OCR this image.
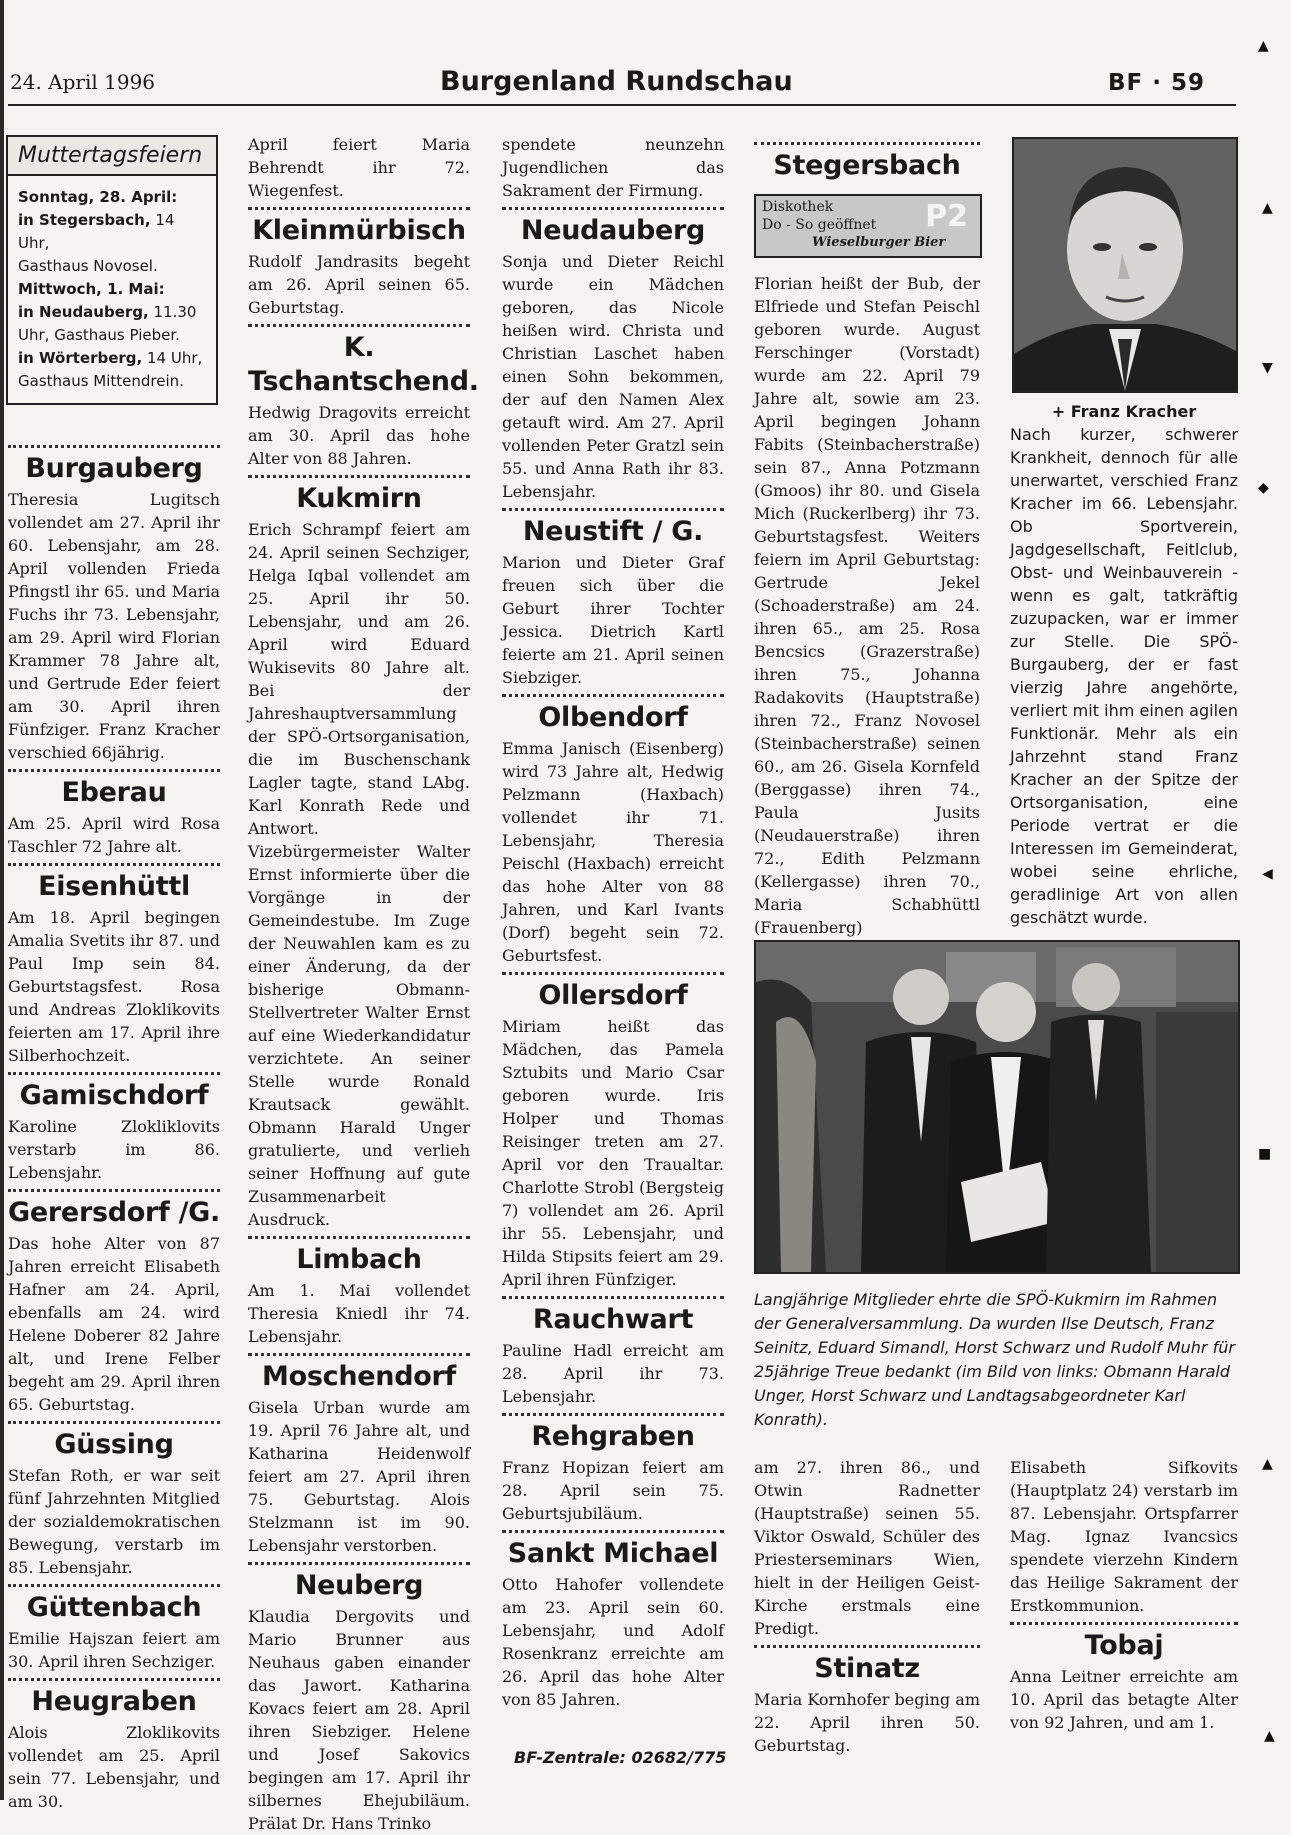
24. April 1996	Burgenland Rundschau	BF · 59
Muttertagsfeiern
Sonntag, 28. April:
in Stegersbach, 14 Uhr,
Gasthaus Novosel.
Mittwoch, 1. Mai:
in Neudauberg, 11.30
Uhr, Gasthaus Pieber.
in Wörterberg, 14 Uhr,
Gasthaus Mittendrein.
Burgauberg

Theresia Lugitsch vollendet am 27. April ihr 60. Lebensjahr, am 28. April vollenden Frieda Pfingstl ihr 65. und Maria Fuchs ihr 73. Lebensjahr, am 29. April wird Florian Krammer 78 Jahre alt, und Gertrude Eder feiert am 30. April ihren Fünfziger. Franz Kracher verschied 66jährig.

Eberau

Am 25. April wird Rosa Taschler 72 Jahre alt.

Eisenhüttl

Am 18. April begingen Amalia Svetits ihr 87. und Paul Imp sein 84. Geburtstagsfest. Rosa und Andreas Zloklikovits feierten am 17. April ihre Silberhochzeit.

Gamischdorf

Karoline Zlokliklovits verstarb im 86. Lebensjahr.

Gerersdorf /G.

Das hohe Alter von 87 Jahren erreicht Elisabeth Hafner am 24. April, ebenfalls am 24. wird Helene Doberer 82 Jahre alt, und Irene Felber begeht am 29. April ihren 65. Geburtstag.

Güssing

Stefan Roth, er war seit fünf Jahrzehnten Mitglied der sozialdemokratischen Bewegung, verstarb im 85. Lebensjahr.

Güttenbach

Emilie Hajszan feiert am 30. April ihren Sechziger.

Heugraben

Alois Zloklikovits vollendet am 25. April sein 77. Lebensjahr, und am 30.

April feiert Maria Behrendt ihr 72. Wiegenfest.

Kleinmürbisch

Rudolf Jandrasits begeht am 26. April seinen 65. Geburtstag.

K. Tschantschend.

Hedwig Dragovits erreicht am 30. April das hohe Alter von 88 Jahren.

Kukmirn

Erich Schrampf feiert am 24. April seinen Sechziger, Helga Iqbal vollendet am 25. April ihr 50. Lebensjahr, und am 26. April wird Eduard Wukisevits 80 Jahre alt. Bei der Jahreshauptversammlung der SPÖ-Ortsorganisation, die im Buschenschank Lagler tagte, stand LAbg. Karl Konrath Rede und Antwort. Vizebürgermeister Walter Ernst informierte über die Vorgänge in der Gemeindestube. Im Zuge der Neuwahlen kam es zu einer Änderung, da der bisherige Obmann-Stellvertreter Walter Ernst auf eine Wiederkandidatur verzichtete. An seiner Stelle wurde Ronald Krautsack gewählt. Obmann Harald Unger gratulierte, und verlieh seiner Hoffnung auf gute Zusammenarbeit Ausdruck.

Limbach

Am 1. Mai vollendet Theresia Kniedl ihr 74. Lebensjahr.

Moschendorf

Gisela Urban wurde am 19. April 76 Jahre alt, und Katharina Heidenwolf feiert am 27. April ihren 75. Geburtstag. Alois Stelzmann ist im 90. Lebensjahr verstorben.

Neuberg

Klaudia Dergovits und Mario Brunner aus Neuhaus gaben einander das Jawort. Katharina Kovacs feiert am 28. April ihren Siebziger. Helene und Josef Sakovics begingen am 17. April ihr silbernes Ehejubiläum. Prälat Dr. Hans Trinko

spendete neunzehn Jugendlichen das Sakrament der Firmung.

Neudauberg

Sonja und Dieter Reichl wurde ein Mädchen geboren, das Nicole heißen wird. Christa und Christian Laschet haben einen Sohn bekommen, der auf den Namen Alex getauft wird. Am 27. April vollenden Peter Gratzl sein 55. und Anna Rath ihr 83. Lebensjahr.

Neustift / G.

Marion und Dieter Graf freuen sich über die Geburt ihrer Tochter Jessica. Dietrich Kartl feierte am 21. April seinen Siebziger.

Olbendorf

Emma Janisch (Eisenberg) wird 73 Jahre alt, Hedwig Pelzmann (Haxbach) vollendet ihr 71. Lebensjahr, Theresia Peischl (Haxbach) erreicht das hohe Alter von 88 Jahren, und Karl Ivants (Dorf) begeht sein 72. Geburtsfest.

Ollersdorf

Miriam heißt das Mädchen, das Pamela Sztubits und Mario Csar geboren wurde. Iris Holper und Thomas Reisinger treten am 27. April vor den Traualtar. Charlotte Strobl (Bergsteig 7) vollendet am 26. April ihr 55. Lebensjahr, und Hilda Stipsits feiert am 29. April ihren Fünfziger.

Rauchwart

Pauline Hadl erreicht am 28. April ihr 73. Lebensjahr.

Rehgraben

Franz Hopizan feiert am 28. April sein 75. Geburtsjubiläum.

Sankt Michael

Otto Hahofer vollendete am 23. April sein 60. Lebensjahr, und Adolf Rosenkranz erreichte am 26. April das hohe Alter von 85 Jahren.

BF-Zentrale: 02682/775
Stegersbach
Diskothek
Do - So geöffnet
Wieselburger Bier
P2

Florian heißt der Bub, der Elfriede und Stefan Peischl geboren wurde. August Ferschinger (Vorstadt) wurde am 22. April 79 Jahre alt, sowie am 23. April begingen Johann Fabits (Steinbacherstraße) sein 87., Anna Potzmann (Gmoos) ihr 80. und Gisela Mich (Ruckerlberg) ihr 73. Geburtstagsfest. Weiters feiern im April Geburtstag: Gertrude Jekel (Schoaderstraße) am 24. ihren 65., am 25. Rosa Bencsics (Grazerstraße) ihren 75., Johanna Radakovits (Hauptstraße) ihren 72., Franz Novosel (Steinbacherstraße) seinen 60., am 26. Gisela Kornfeld (Berggasse) ihren 74., Paula Jusits (Neudauerstraße) ihren 72., Edith Pelzmann (Kellergasse) ihren 70., Maria Schabhüttl (Frauenberg)

+ Franz Kracher

Nach kurzer, schwerer Krankheit, dennoch für alle unerwartet, verschied Franz Kracher im 66. Lebensjahr. Ob Sportverein, Jagdgesellschaft, Feitlclub, Obst- und Weinbauverein - wenn es galt, tatkräftig zuzupacken, war er immer zur Stelle. Die SPÖ-Burgauberg, der er fast vierzig Jahre angehörte, verliert mit ihm einen agilen Funktionär. Mehr als ein Jahrzehnt stand Franz Kracher an der Spitze der Ortsorganisation, eine Periode vertrat er die Interessen im Gemeinderat, wobei seine ehrliche, geradlinige Art von allen geschätzt wurde.

Langjährige Mitglieder ehrte die SPÖ-Kukmirn im Rahmen der Generalversammlung. Da wurden Ilse Deutsch, Franz Seinitz, Eduard Simandl, Horst Schwarz und Rudolf Muhr für 25jährige Treue bedankt (im Bild von links: Obmann Harald Unger, Horst Schwarz und Landtagsabgeordneter Karl Konrath).

am 27. ihren 86., und Otwin Radnetter (Hauptstraße) seinen 55. Viktor Oswald, Schüler des Priesterseminars Wien, hielt in der Heiligen Geist-Kirche erstmals eine Predigt.

Stinatz

Maria Kornhofer beging am 22. April ihren 50. Geburtstag.

Elisabeth Sifkovits (Hauptplatz 24) verstarb im 87. Lebensjahr. Ortspfarrer Mag. Ignaz Ivancsics spendete vierzehn Kindern das Heilige Sakrament der Erstkommunion.

Tobaj

Anna Leitner erreichte am 10. April das betagte Alter von 92 Jahren, und am 1.

▲
▲
▼
◆
◀
■
▲
▲
